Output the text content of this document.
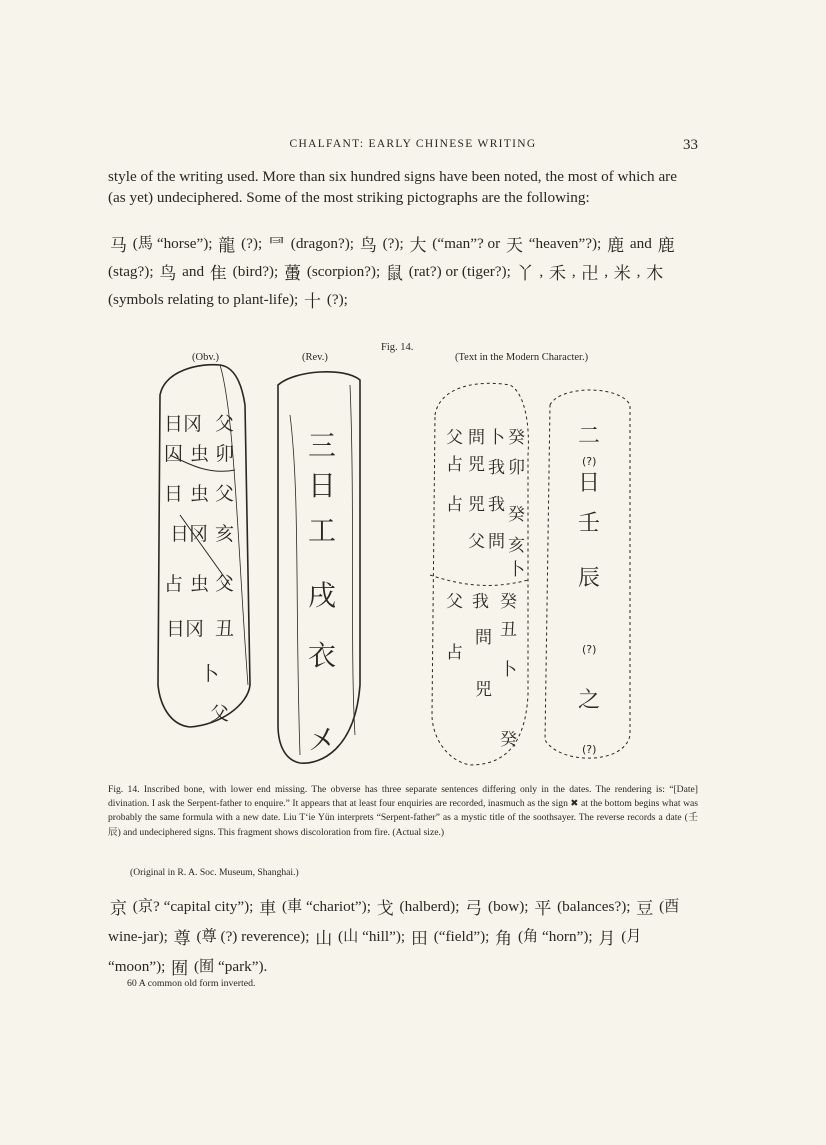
CHALFANT: EARLY CHINESE WRITING	33
style of the writing used. More than six hundred signs have been noted, the most of which are (as yet) undeciphered. Some of the most striking pictographs are the following:
马 (馬 “horse”); 龍 (?); ⺜ (dragon?); 鸟 (?); 大 (“man”? or 天 “heaven”?); 鹿 and 鹿 (stag?); 鸟 and 隹 (bird?); 蠆 (scorpion?); 鼠 (rat?) or (tiger?); 丫 , 禾 , 卍 , 米 , 木 (symbols relating to plant-life); 十 (?);
Fig. 14.
(Obv.)	(Rev.)	(Text in the Modern Character.)
日冈 父
囚 虫 卯
日 虫 父
日冈 亥
占 虫 父
日冈 丑
卜
父
三
日
工
戌
衣
㐅
父 問 卜 癸
占 兕 我 卯
占 兕 我 癸
父 問 亥
卜
父 我 癸
問 丑
占
卜
兕
癸
二
(?)
日
壬
辰
(?)
之
(?)
Fig. 14. Inscribed bone, with lower end missing. The obverse has three separate sentences differing only in the dates. The rendering is: “[Date] divination. I ask the Serpent-father to enquire.” It appears that at least four enquiries are recorded, inasmuch as the sign ✖ at the bottom begins what was probably the same formula with a new date. Liu T‘ie Yün interprets “Serpent-father” as a mystic title of the soothsayer. The reverse records a date (壬 辰) and undeciphered signs. This fragment shows discoloration from fire. (Actual size.)
(Original in R. A. Soc. Museum, Shanghai.)
京 (京? “capital city”); 車 (車 “chariot”); 戈 (halberd); 弓 (bow); 平 (balances?); 豆 (酉 wine-jar); 尊 (尊 (?) reverence); 山 (山 “hill”); 田 (“field”); 角 (角 “horn”); 月 (月 “moon”); 囿 (囿 “park”).
60 A common old form inverted.
